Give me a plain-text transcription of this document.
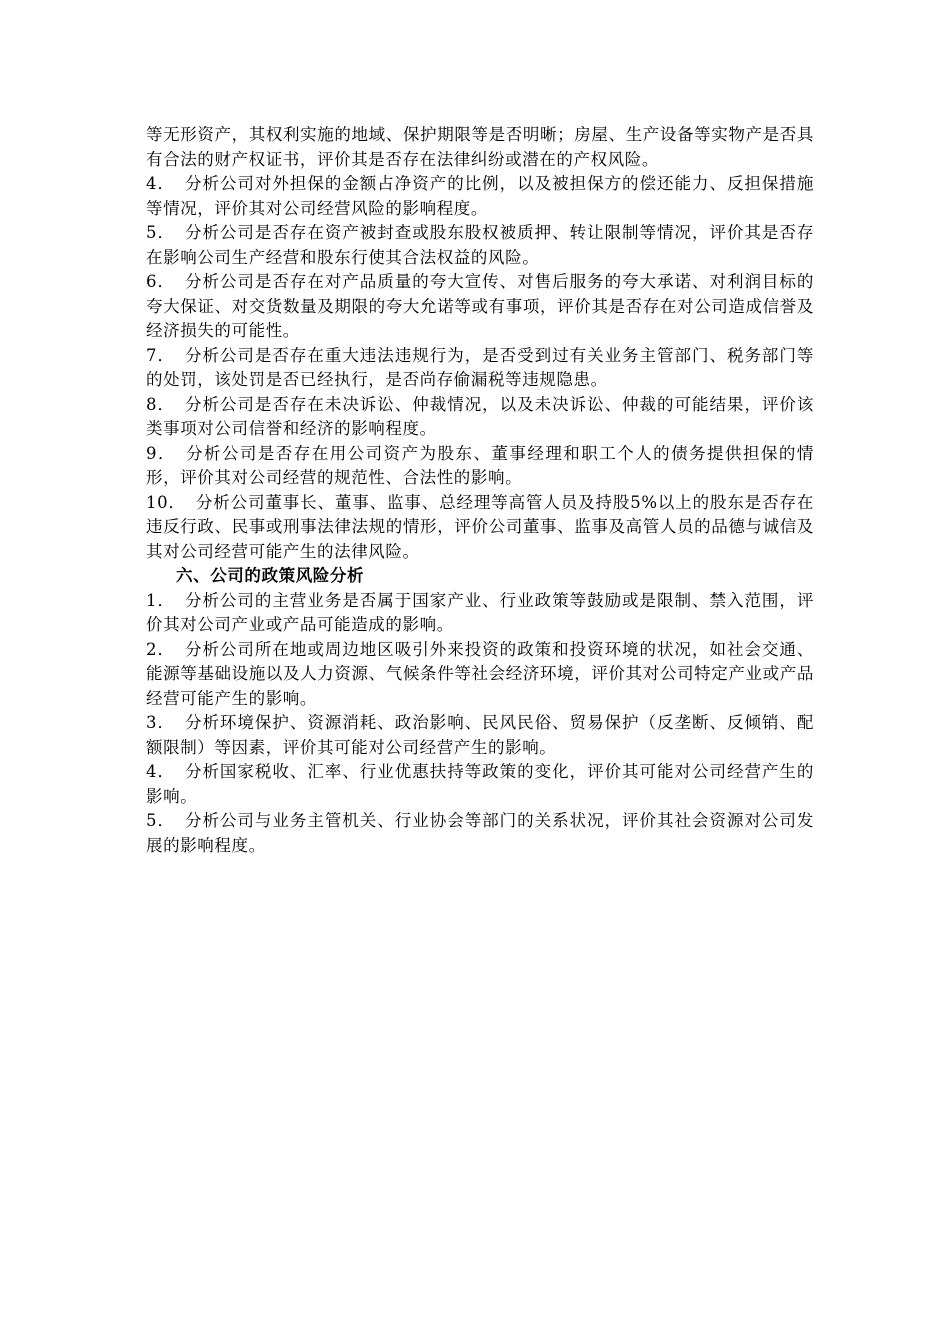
等无形资产，其权利实施的地域、保护期限等是否明晰；房屋、生产设备等实物产是否具有合法的财产权证书，评价其是否存在法律纠纷或潜在的产权风险。

4． 分析公司对外担保的金额占净资产的比例，以及被担保方的偿还能力、反担保措施等情况，评价其对公司经营风险的影响程度。

5． 分析公司是否存在资产被封查或股东股权被质押、转让限制等情况，评价其是否存在影响公司生产经营和股东行使其合法权益的风险。

6． 分析公司是否存在对产品质量的夸大宣传、对售后服务的夸大承诺、对利润目标的夸大保证、对交货数量及期限的夸大允诺等或有事项，评价其是否存在对公司造成信誉及经济损失的可能性。

7． 分析公司是否存在重大违法违规行为，是否受到过有关业务主管部门、税务部门等的处罚，该处罚是否已经执行，是否尚存偷漏税等违规隐患。

8． 分析公司是否存在未决诉讼、仲裁情况，以及未决诉讼、仲裁的可能结果，评价该类事项对公司信誉和经济的影响程度。

9． 分析公司是否存在用公司资产为股东、董事经理和职工个人的债务提供担保的情形，评价其对公司经营的规范性、合法性的影响。

10． 分析公司董事长、董事、监事、总经理等高管人员及持股5%以上的股东是否存在违反行政、民事或刑事法律法规的情形，评价公司董事、监事及高管人员的品德与诚信及其对公司经营可能产生的法律风险。

六、公司的政策风险分析

1． 分析公司的主营业务是否属于国家产业、行业政策等鼓励或是限制、禁入范围，评价其对公司产业或产品可能造成的影响。

2． 分析公司所在地或周边地区吸引外来投资的政策和投资环境的状况，如社会交通、能源等基础设施以及人力资源、气候条件等社会经济环境，评价其对公司特定产业或产品经营可能产生的影响。

3． 分析环境保护、资源消耗、政治影响、民风民俗、贸易保护（反垄断、反倾销、配额限制）等因素，评价其可能对公司经营产生的影响。

4． 分析国家税收、汇率、行业优惠扶持等政策的变化，评价其可能对公司经营产生的影响。

5． 分析公司与业务主管机关、行业协会等部门的关系状况，评价其社会资源对公司发展的影响程度。
